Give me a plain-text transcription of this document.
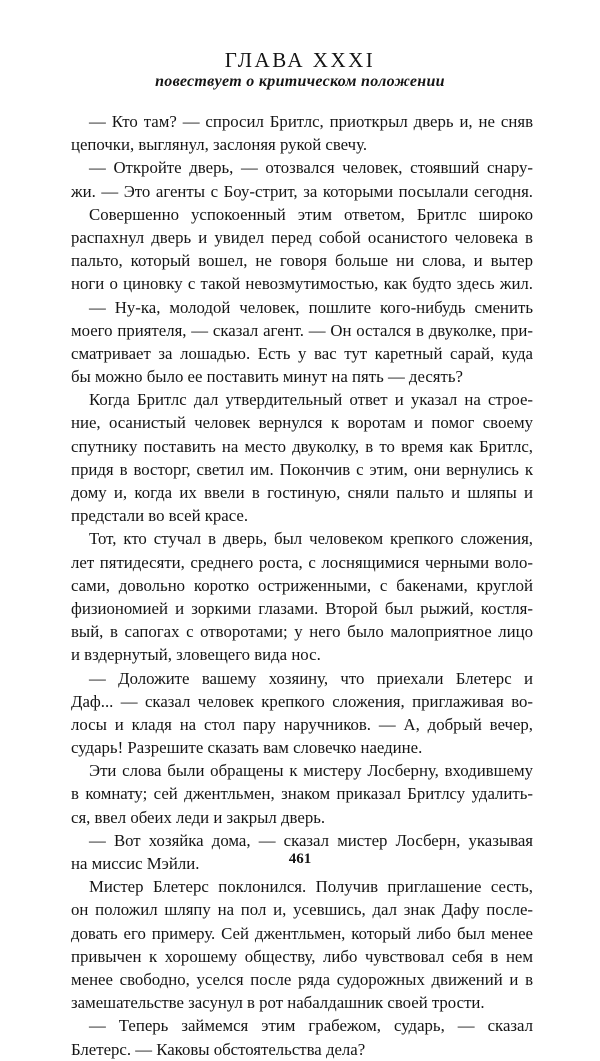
ГЛАВА XXXI
повествует о критическом положении
— Кто там? — спросил Бритлс, приоткрыл дверь и, не сняв
цепочки, выглянул, заслоняя рукой свечу.
— Откройте дверь, — отозвался человек, стоявший снару-
жи. — Это агенты с Боу-стрит, за которыми посылали сегодня.
Совершенно успокоенный этим ответом, Бритлс широко
распахнул дверь и увидел перед собой осанистого человека в
пальто, который вошел, не говоря больше ни слова, и вытер
ноги о циновку с такой невозмутимостью, как будто здесь жил.
— Ну-ка, молодой человек, пошлите кого-нибудь сменить
моего приятеля, — сказал агент. — Он остался в двуколке, при-
сматривает за лошадью. Есть у вас тут каретный сарай, куда
бы можно было ее поставить минут на пять — десять?
Когда Бритлс дал утвердительный ответ и указал на строе-
ние, осанистый человек вернулся к воротам и помог своему
спутнику поставить на место двуколку, в то время как Бритлс,
придя в восторг, светил им. Покончив с этим, они вернулись к
дому и, когда их ввели в гостиную, сняли пальто и шляпы и
предстали во всей красе.
Тот, кто стучал в дверь, был человеком крепкого сложения,
лет пятидесяти, среднего роста, с лоснящимися черными воло-
сами, довольно коротко остриженными, с бакенами, круглой
физиономией и зоркими глазами. Второй был рыжий, костля-
вый, в сапогах с отворотами; у него было малоприятное лицо
и вздернутый, зловещего вида нос.
— Доложите вашему хозяину, что приехали Блетерс и
Даф... — сказал человек крепкого сложения, приглаживая во-
лосы и кладя на стол пару наручников. — А, добрый вечер,
сударь! Разрешите сказать вам словечко наедине.
Эти слова были обращены к мистеру Лосберну, входившему
в комнату; сей джентльмен, знаком приказал Бритлсу удалить-
ся, ввел обеих леди и закрыл дверь.
— Вот хозяйка дома, — сказал мистер Лосберн, указывая
на миссис Мэйли.
Мистер Блетерс поклонился. Получив приглашение сесть,
он положил шляпу на пол и, усевшись, дал знак Дафу после-
довать его примеру. Сей джентльмен, который либо был менее
привычен к хорошему обществу, либо чувствовал себя в нем
менее свободно, уселся после ряда судорожных движений и в
замешательстве засунул в рот набалдашник своей трости.
— Теперь займемся этим грабежом, сударь, — сказал
Блетерс. — Каковы обстоятельства дела?
461
